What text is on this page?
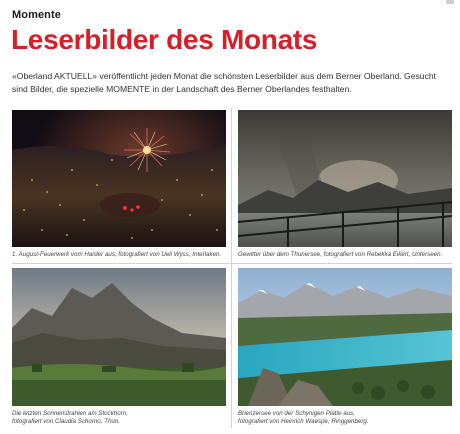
Momente
Leserbilder des Monats
«Oberland AKTUELL» veröffentlicht jeden Monat die schönsten Leserbilder aus dem Berner Oberland. Gesucht sind Bilder, die spezielle MOMENTE in der Landschaft des Berner Oberlandes festhalten.
1. August-Feuerwerk vom Harder aus, fotografiert von Ueli Wyss, Interlaken.	Gewitter über dem Thunersee, fotografiert von Rebekka Eikert, Unterseen.
Die letzten Sonnenstrahlen am Stockhorn,
fotografiert von Claudia Schorno, Thun.
Brienzersee von der Schynigen Platte aus,
fotografiert von Heinrich Waespe, Ringgenberg.
